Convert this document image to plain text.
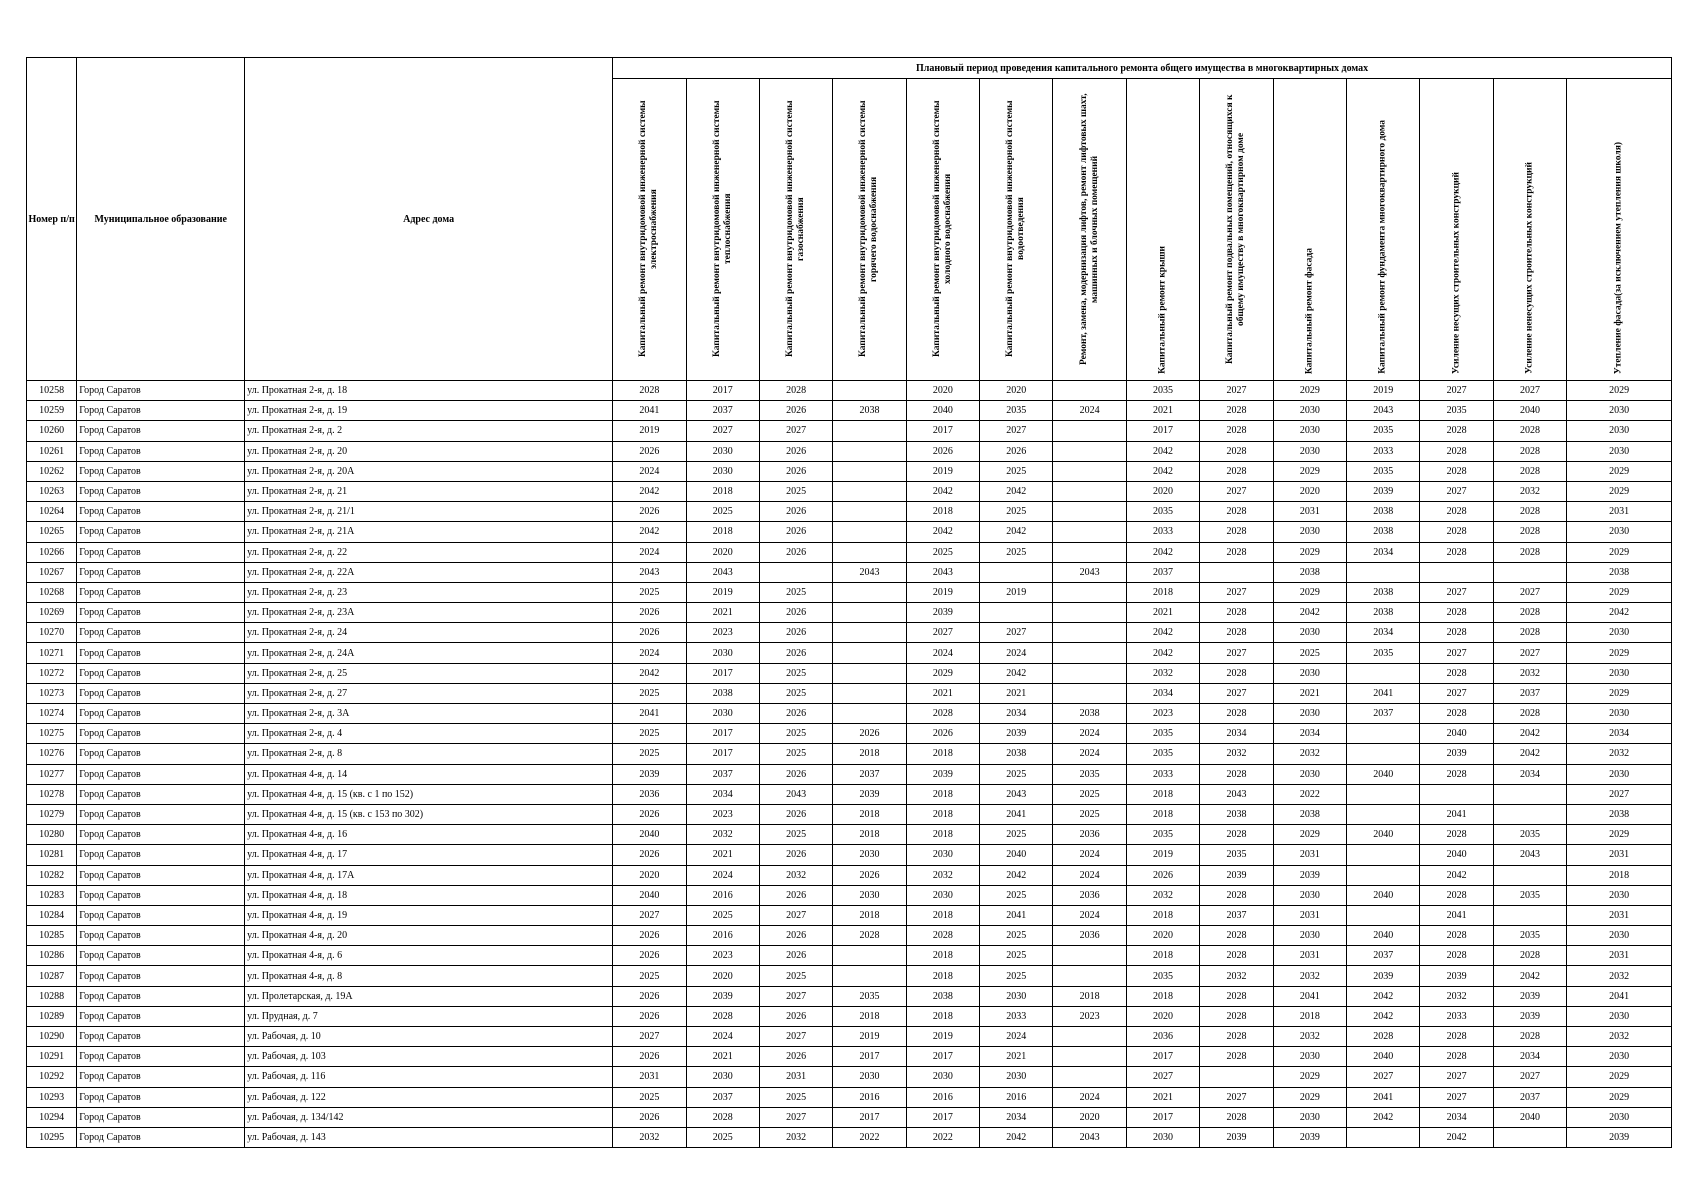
Номер п/п	Муниципальное образование	Адрес дома	Плановый период проведения капитального ремонта общего имущества в многоквартирных домах													

			Капитальный ремонт внутридомовой инженерной системы электроснабжения	Капитальный ремонт внутридомовой инженерной системы теплоснабжения	Капитальный ремонт внутридомовой инженерной системы газоснабжения	Капитальный ремонт внутридомовой инженерной системы горячего водоснабжения	Капитальный ремонт внутридомовой инженерной системы холодного водоснабжения	Капитальный ремонт внутридомовой инженерной системы водоотведения	Ремонт, замена, модернизация лифтов, ремонт лифтовых шахт, машинных и блочных помещений	Капитальный ремонт крыши	Капитальный ремонт подвальных помещений, относящихся к общему имуществу в многоквартирном доме	Капитальный ремонт фасада	Капитальный ремонт фундамента многоквартирного дома	Усиление несущих строительных конструкций	Усиление ненесущих строительных конструкций	Утепление фасада(за исключением утепления школя)

10258	Город Саратов	ул. Прокатная 2-я, д. 18	2028	2017	2028		2020	2020		2035	2027	2029	2019	2027	2027	2029
10259	Город Саратов	ул. Прокатная 2-я, д. 19	2041	2037	2026	2038	2040	2035	2024	2021	2028	2030	2043	2035	2040	2030
10260	Город Саратов	ул. Прокатная 2-я, д. 2	2019	2027	2027		2017	2027		2017	2028	2030	2035	2028	2028	2030
10261	Город Саратов	ул. Прокатная 2-я, д. 20	2026	2030	2026		2026	2026		2042	2028	2030	2033	2028	2028	2030
10262	Город Саратов	ул. Прокатная 2-я, д. 20А	2024	2030	2026		2019	2025		2042	2028	2029	2035	2028	2028	2029
10263	Город Саратов	ул. Прокатная 2-я, д. 21	2042	2018	2025		2042	2042		2020	2027	2020	2039	2027	2032	2029
10264	Город Саратов	ул. Прокатная 2-я, д. 21/1	2026	2025	2026		2018	2025		2035	2028	2031	2038	2028	2028	2031
10265	Город Саратов	ул. Прокатная 2-я, д. 21А	2042	2018	2026		2042	2042		2033	2028	2030	2038	2028	2028	2030
10266	Город Саратов	ул. Прокатная 2-я, д. 22	2024	2020	2026		2025	2025		2042	2028	2029	2034	2028	2028	2029
10267	Город Саратов	ул. Прокатная 2-я, д. 22А	2043	2043		2043	2043		2043	2037		2038				2038
10268	Город Саратов	ул. Прокатная 2-я, д. 23	2025	2019	2025		2019	2019		2018	2027	2029	2038	2027	2027	2029
10269	Город Саратов	ул. Прокатная 2-я, д. 23А	2026	2021	2026		2039			2021	2028	2042	2038	2028	2028	2042
10270	Город Саратов	ул. Прокатная 2-я, д. 24	2026	2023	2026		2027	2027		2042	2028	2030	2034	2028	2028	2030
10271	Город Саратов	ул. Прокатная 2-я, д. 24А	2024	2030	2026		2024	2024		2042	2027	2025	2035	2027	2027	2029
10272	Город Саратов	ул. Прокатная 2-я, д. 25	2042	2017	2025		2029	2042		2032	2028	2030		2028	2032	2030
10273	Город Саратов	ул. Прокатная 2-я, д. 27	2025	2038	2025		2021	2021		2034	2027	2021	2041	2027	2037	2029
10274	Город Саратов	ул. Прокатная 2-я, д. 3А	2041	2030	2026		2028	2034	2038	2023	2028	2030	2037	2028	2028	2030
10275	Город Саратов	ул. Прокатная 2-я, д. 4	2025	2017	2025	2026	2026	2039	2024	2035	2034	2034		2040	2042	2034
10276	Город Саратов	ул. Прокатная 2-я, д. 8	2025	2017	2025	2018	2018	2038	2024	2035	2032	2032		2039	2042	2032
10277	Город Саратов	ул. Прокатная 4-я, д. 14	2039	2037	2026	2037	2039	2025	2035	2033	2028	2030	2040	2028	2034	2030
10278	Город Саратов	ул. Прокатная 4-я, д. 15 (кв. с 1 по 152)	2036	2034	2043	2039	2018	2043	2025	2018	2043	2022				2027
10279	Город Саратов	ул. Прокатная 4-я, д. 15 (кв. с 153 по 302)	2026	2023	2026	2018	2018	2041	2025	2018	2038	2038		2041		2038
10280	Город Саратов	ул. Прокатная 4-я, д. 16	2040	2032	2025	2018	2018	2025	2036	2035	2028	2029	2040	2028	2035	2029
10281	Город Саратов	ул. Прокатная 4-я, д. 17	2026	2021	2026	2030	2030	2040	2024	2019	2035	2031		2040	2043	2031
10282	Город Саратов	ул. Прокатная 4-я, д. 17А	2020	2024	2032	2026	2032	2042	2024	2026	2039	2039		2042		2018
10283	Город Саратов	ул. Прокатная 4-я, д. 18	2040	2016	2026	2030	2030	2025	2036	2032	2028	2030	2040	2028	2035	2030
10284	Город Саратов	ул. Прокатная 4-я, д. 19	2027	2025	2027	2018	2018	2041	2024	2018	2037	2031		2041		2031
10285	Город Саратов	ул. Прокатная 4-я, д. 20	2026	2016	2026	2028	2028	2025	2036	2020	2028	2030	2040	2028	2035	2030
10286	Город Саратов	ул. Прокатная 4-я, д. 6	2026	2023	2026		2018	2025		2018	2028	2031	2037	2028	2028	2031
10287	Город Саратов	ул. Прокатная 4-я, д. 8	2025	2020	2025		2018	2025		2035	2032	2032	2039	2039	2042	2032
10288	Город Саратов	ул. Пролетарская, д. 19А	2026	2039	2027	2035	2038	2030	2018	2018	2028	2041	2042	2032	2039	2041
10289	Город Саратов	ул. Прудная, д. 7	2026	2028	2026	2018	2018	2033	2023	2020	2028	2018	2042	2033	2039	2030
10290	Город Саратов	ул. Рабочая, д. 10	2027	2024	2027	2019	2019	2024		2036	2028	2032	2028	2028	2028	2032
10291	Город Саратов	ул. Рабочая, д. 103	2026	2021	2026	2017	2017	2021		2017	2028	2030	2040	2028	2034	2030
10292	Город Саратов	ул. Рабочая, д. 116	2031	2030	2031	2030	2030	2030		2027		2029	2027	2027	2027	2029
10293	Город Саратов	ул. Рабочая, д. 122	2025	2037	2025	2016	2016	2016	2024	2021	2027	2029	2041	2027	2037	2029
10294	Город Саратов	ул. Рабочая, д. 134/142	2026	2028	2027	2017	2017	2034	2020	2017	2028	2030	2042	2034	2040	2030
10295	Город Саратов	ул. Рабочая, д. 143	2032	2025	2032	2022	2022	2042	2043	2030	2039	2039		2042		2039
